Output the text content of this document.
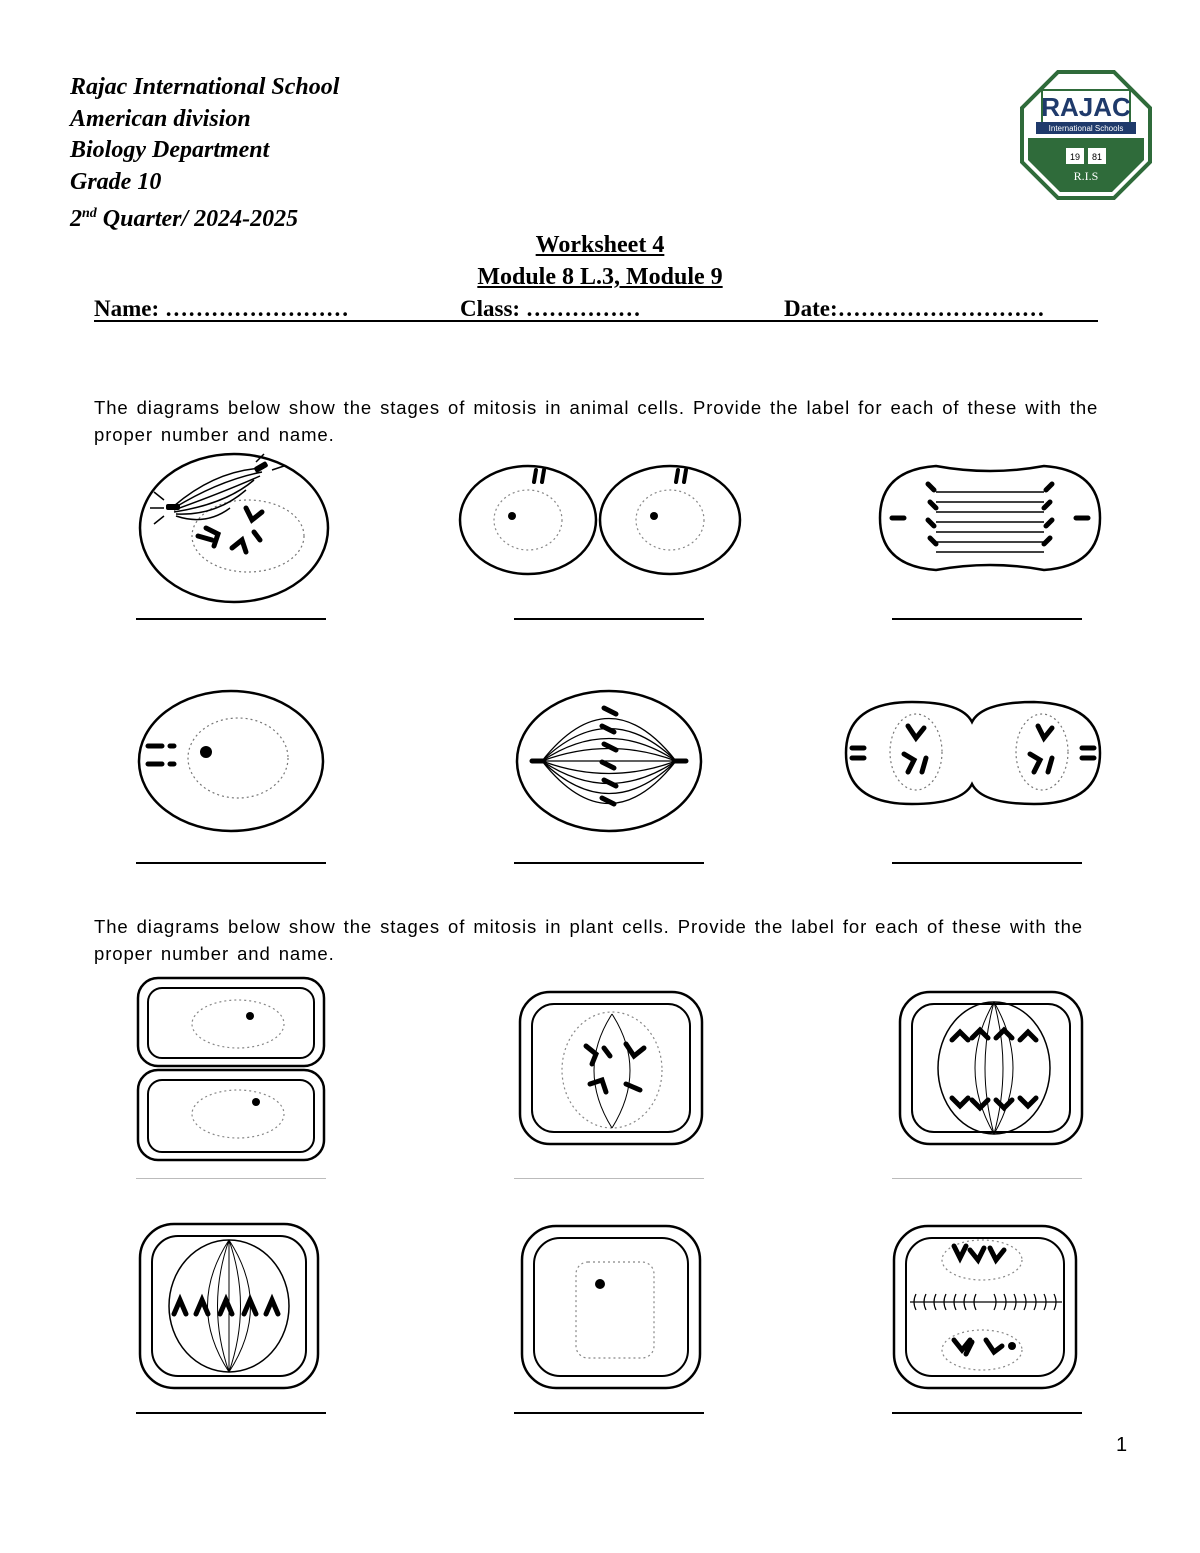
Rajac International School
American division
Biology Department
Grade 10
2nd Quarter/ 2024-2025
RAJAC
International Schools
19 81
R.I.S
Worksheet 4
Module 8 L.3, Module 9
Name: ……………………	Class: ……………	Date:………………………
The diagrams below show the stages of mitosis in animal cells. Provide the label for each of these with the proper number and name.
The diagrams below show the stages of mitosis in plant cells. Provide the label for each of these with the proper number and name.
1
